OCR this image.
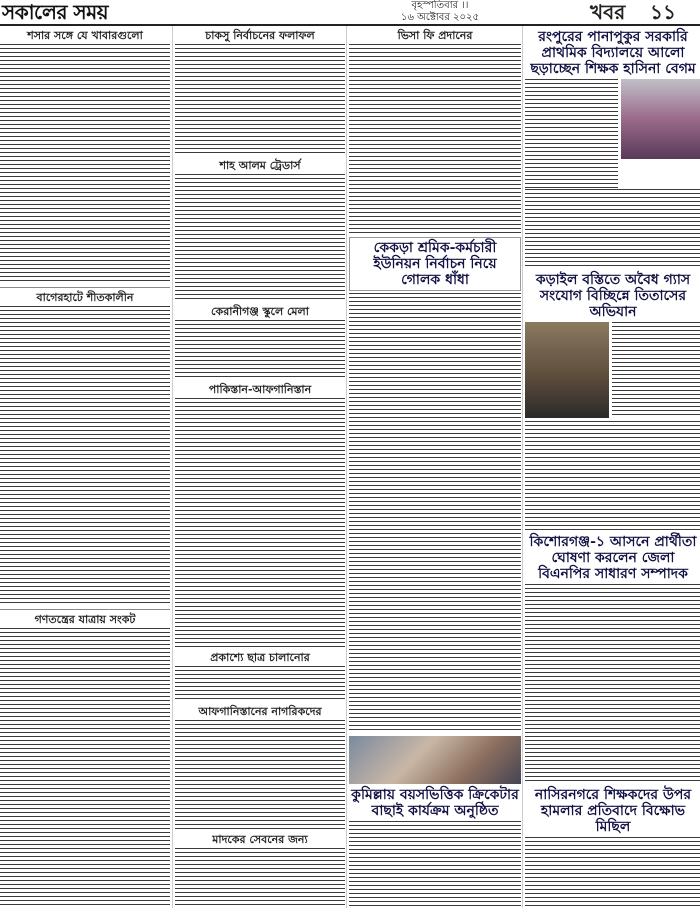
সকালের সময়	বৃহস্পতিবার ।।
১৬ অক্টোবর ২০২৫	খবর ১১
শসার সঙ্গে যে খাবারগুলো
বাগেরহাটে শীতকালীন
গণতন্ত্রের যাত্রায় সংকট
চাকসু নির্বাচনের ফলাফল
শাহ আলম ট্রেডার্স
কেরানীগঞ্জ স্কুলে মেলা
পাকিস্তান-আফগানিস্তান
প্রকাশ্যে ছাত্র চালানোর
আফগানিস্তানের নাগরিকদের
মাদকের সেবনের জন্য
ভিসা ফি প্রদানের
কেকড়া শ্রমিক-কর্মচারী ইউনিয়ন নির্বাচন নিয়ে গোলক ধাঁধা
কুমিল্লায় বয়সভিত্তিক ক্রিকেটার বাছাই কার্যক্রম অনুষ্ঠিত
রংপুরের পানাপুকুর সরকারি প্রাথমিক বিদ্যালয়ে আলো ছড়াচ্ছেন শিক্ষক হাসিনা বেগম
কড়াইল বস্তিতে অবৈধ গ্যাস সংযোগ বিচ্ছিন্নে তিতাসের অভিযান
কিশোরগঞ্জ-১ আসনে প্রার্থীতা ঘোষণা করলেন জেলা বিএনপির সাধারণ সম্পাদক
নাসিরনগরে শিক্ষকদের উপর হামলার প্রতিবাদে বিক্ষোভ মিছিল
